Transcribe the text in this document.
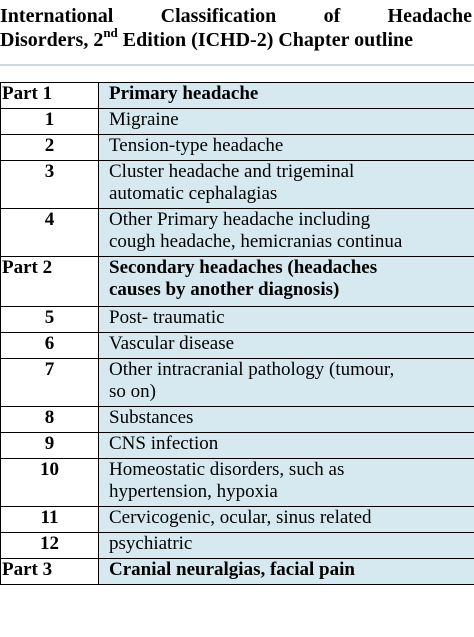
International Classification of Headache
Disorders, 2nd Edition (ICHD-2) Chapter outline
Part 1	Primary headache

1	Migraine

2	Tension-type headache

3	Cluster headache and trigeminal
automatic cephalagias

4	Other Primary headache including
cough headache, hemicranias continua

Part 2	Secondary headaches (headaches
causes by another diagnosis)

5	Post- traumatic

6	Vascular disease

7	Other intracranial pathology (tumour,
so on)

8	Substances

9	CNS infection

10	Homeostatic disorders, such as
hypertension, hypoxia

11	Cervicogenic, ocular, sinus related

12	psychiatric

Part 3	Cranial neuralgias, facial pain
